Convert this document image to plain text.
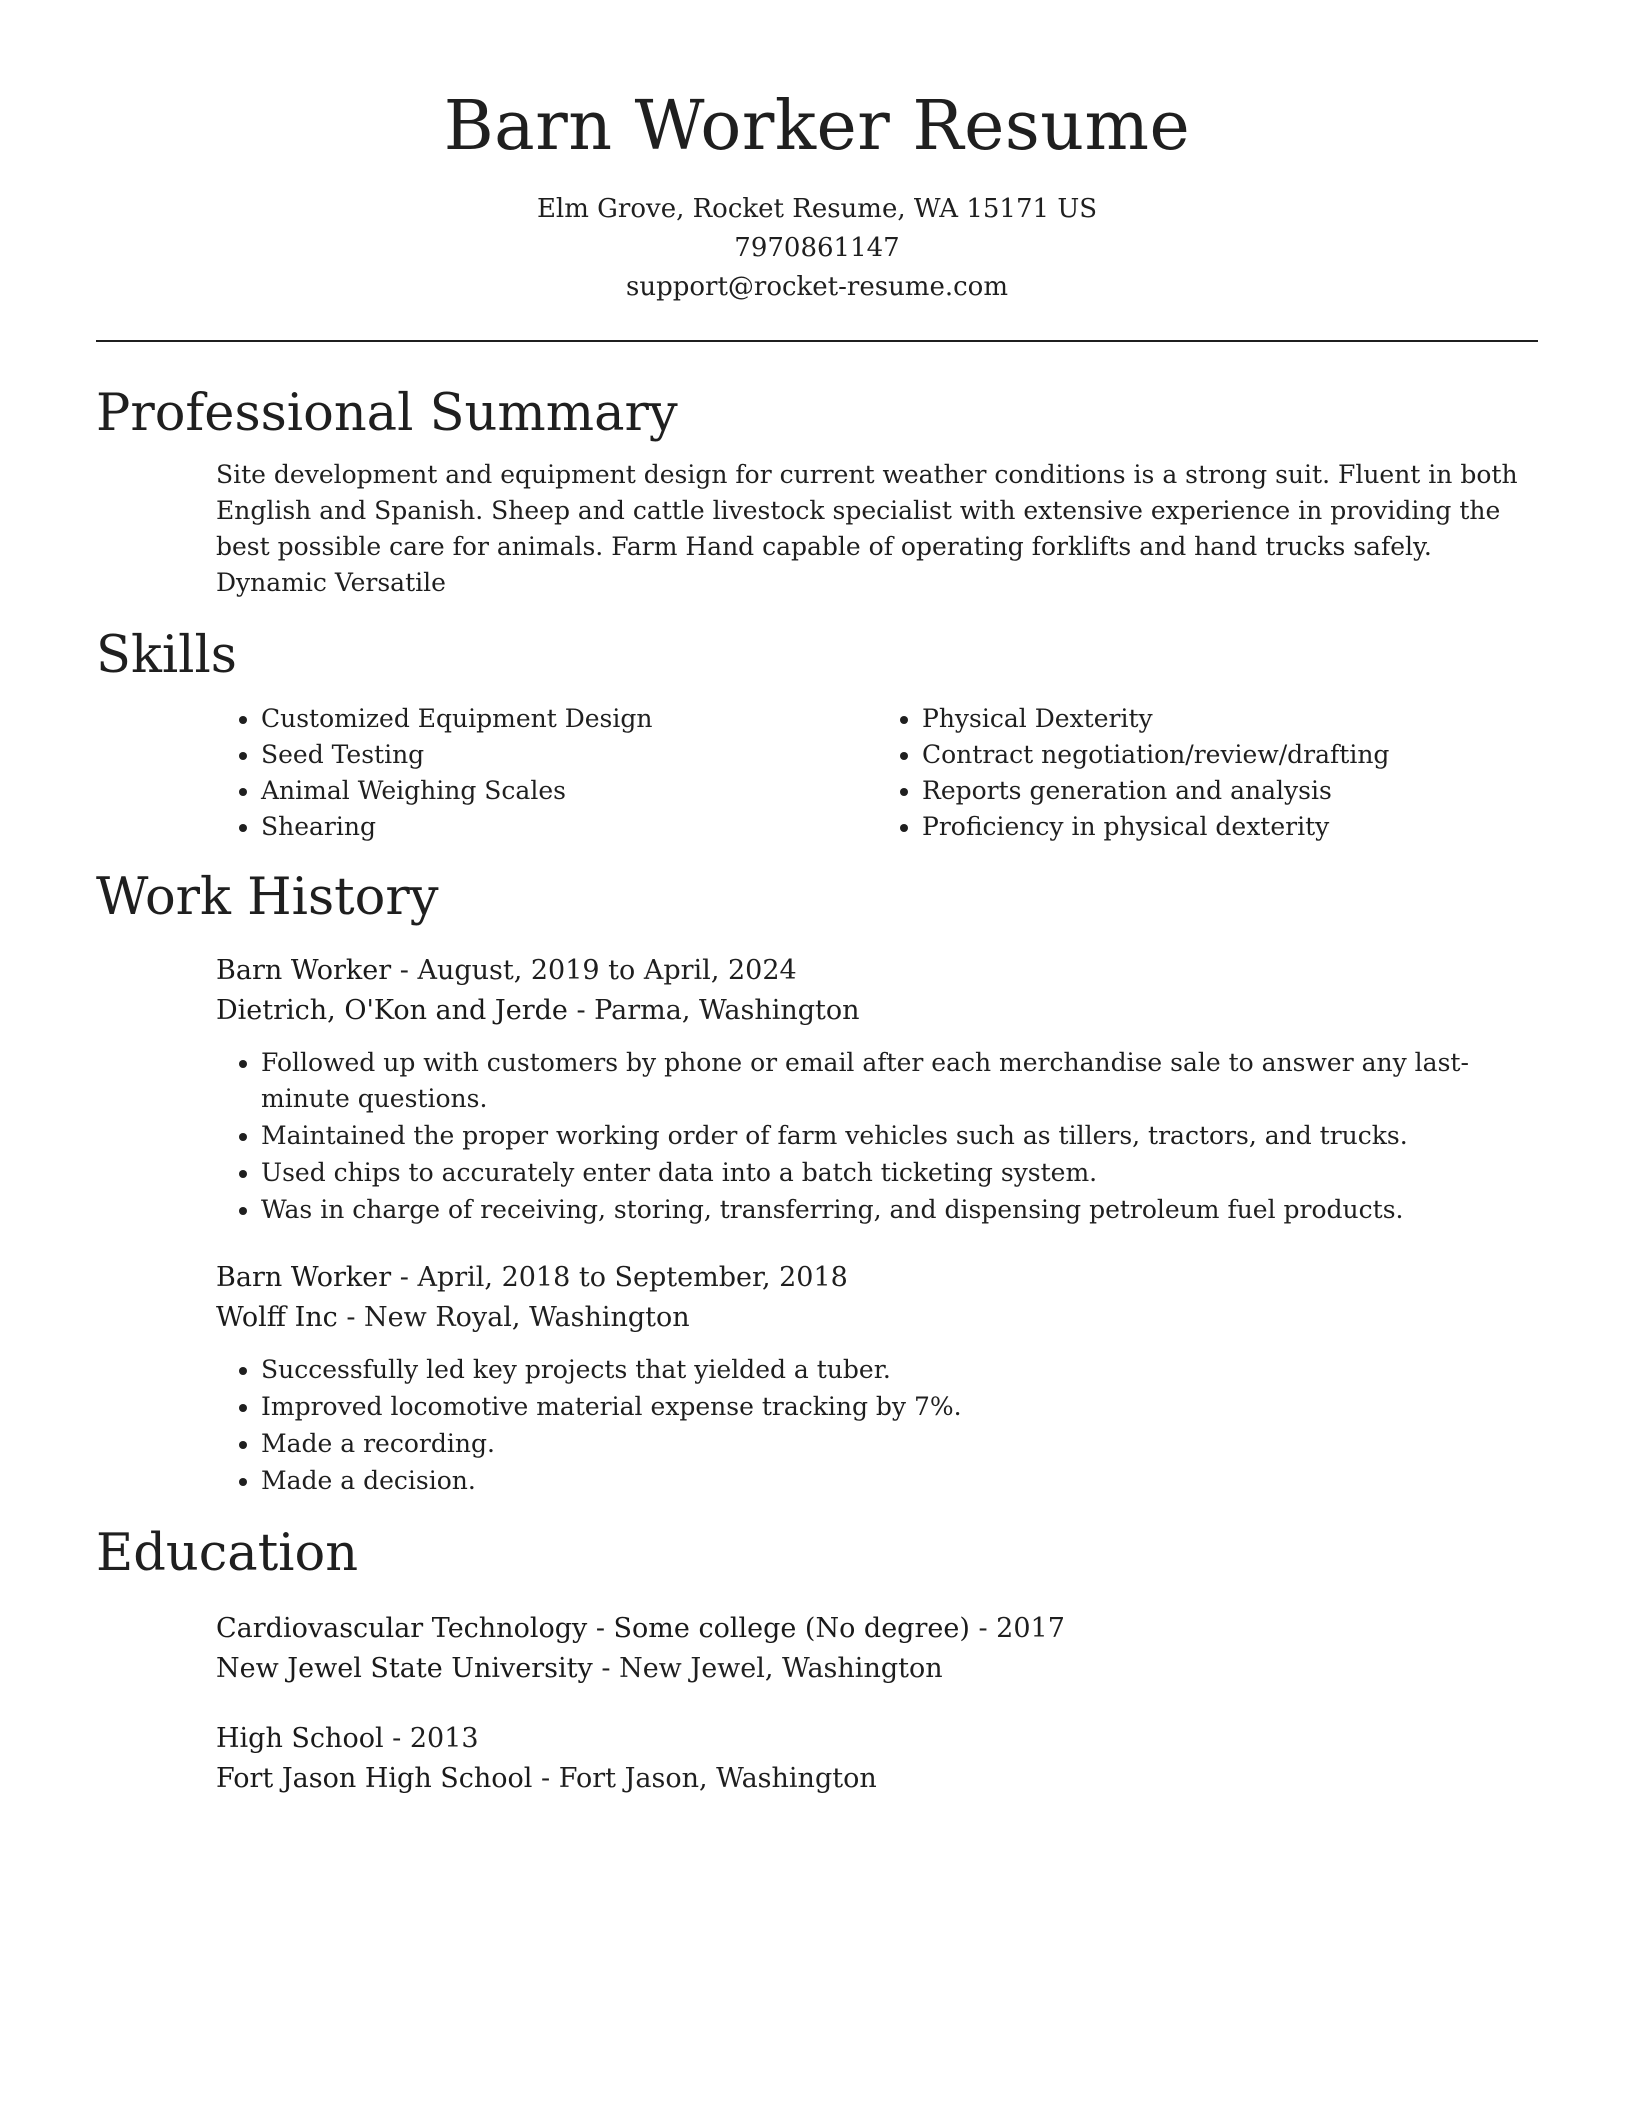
Barn Worker Resume
Elm Grove, Rocket Resume, WA 15171 US
7970861147
support@rocket-resume.com
Professional Summary
Site development and equipment design for current weather conditions is a strong suit. Fluent in both English and Spanish. Sheep and cattle livestock specialist with extensive experience in providing the best possible care for animals. Farm Hand capable of operating forklifts and hand trucks safely. Dynamic Versatile
Skills
• Customized Equipment Design
• Seed Testing
• Animal Weighing Scales
• Shearing
• Physical Dexterity
• Contract negotiation/review/drafting
• Reports generation and analysis
• Proficiency in physical dexterity
Work History
Barn Worker - August, 2019 to April, 2024
Dietrich, O'Kon and Jerde - Parma, Washington
• Followed up with customers by phone or email after each merchandise sale to answer any last-minute questions.
• Maintained the proper working order of farm vehicles such as tillers, tractors, and trucks.
• Used chips to accurately enter data into a batch ticketing system.
• Was in charge of receiving, storing, transferring, and dispensing petroleum fuel products.
Barn Worker - April, 2018 to September, 2018
Wolff Inc - New Royal, Washington
• Successfully led key projects that yielded a tuber.
• Improved locomotive material expense tracking by 7%.
• Made a recording.
• Made a decision.
Education
Cardiovascular Technology - Some college (No degree) - 2017
New Jewel State University - New Jewel, Washington
High School - 2013
Fort Jason High School - Fort Jason, Washington
